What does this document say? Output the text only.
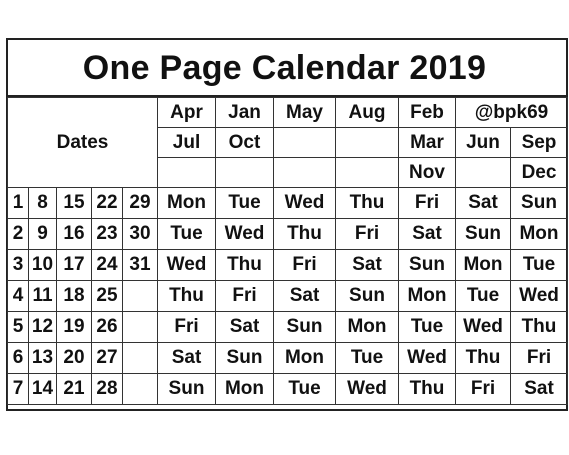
One Page Calendar 2019
Dates					Apr	Jan	May	Aug	Feb	@bpk69	
					Jul	Oct			Mar	Jun	Sep
									Nov		Dec
1	8	15	22	29	Mon	Tue	Wed	Thu	Fri	Sat	Sun
2	9	16	23	30	Tue	Wed	Thu	Fri	Sat	Sun	Mon
3	10	17	24	31	Wed	Thu	Fri	Sat	Sun	Mon	Tue
4	11	18	25		Thu	Fri	Sat	Sun	Mon	Tue	Wed
5	12	19	26		Fri	Sat	Sun	Mon	Tue	Wed	Thu
6	13	20	27		Sat	Sun	Mon	Tue	Wed	Thu	Fri
7	14	21	28		Sun	Mon	Tue	Wed	Thu	Fri	Sat
